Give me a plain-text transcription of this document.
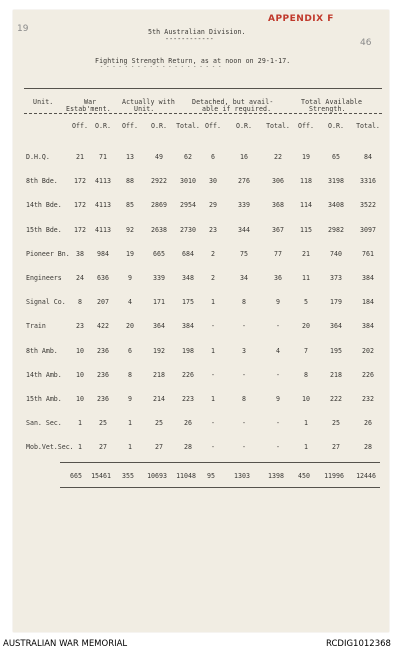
19
APPENDIX F
46
5th Australian Division.
------------
Fighting Strength Return, as at noon on 29-1-17.
- - - - - - - - - - - - - - - - - - - -
Unit.	War
Estab'ment.
Actually with
Unit.
Detached, but avail-
able if required.
Total Available
Strength.
Off. O.R. Off. O.R. Total. Off. O.R. Total. Off. O.R. Total.
D.H.Q.	21 71	13	49	62	6	16	22	19	65	84
8th Bde. 172 4113 88	2922 3010 30	276	306 118 3198 3316
14th Bde. 172 4113 85	2869 2954 29	339	368 114 3408 3522
15th Bde. 172 4113 92	2638 2730 23	344	367 115 2982 3097
Pioneer Bn. 38 984	19	665	684	2	75	77	21	740	761
Engineers 24 636	9	339	348	2	34	36	11	373	384
Signal Co. 8 207	4	171	175	1	8	9	5	179	184
Train	23 422	20	364	384	-	-	-	20	364	384
8th Amb.	10 236	6	192	198	1	3	4	7	195	202
14th Amb. 10 236	8	218	226	-	-	-	8	218	226
15th Amb. 10 236	9	214	223	1	8	9	10	222	232
San. Sec. 1	25	1	25	26	-	-	-	1	25	26
Mob.Vet.Sec. 1	27	1	27	28	-	-	-	1	27	28
665 15461 355 10693 11048 95	1303	1398 450 11996 12446
AUSTRALIAN WAR MEMORIAL	RCDIG1012368
